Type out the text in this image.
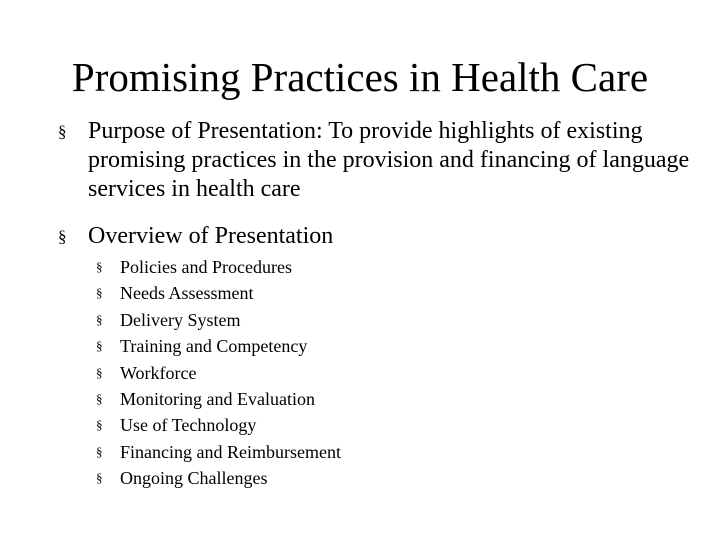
Promising Practices in Health Care
§ Purpose of Presentation: To provide highlights of existing promising practices in the provision and financing of language services in health care
§ Overview of Presentation
§ Policies and Procedures
§ Needs Assessment
§ Delivery System
§ Training and Competency
§ Workforce
§ Monitoring and Evaluation
§ Use of Technology
§ Financing and Reimbursement
§ Ongoing Challenges
